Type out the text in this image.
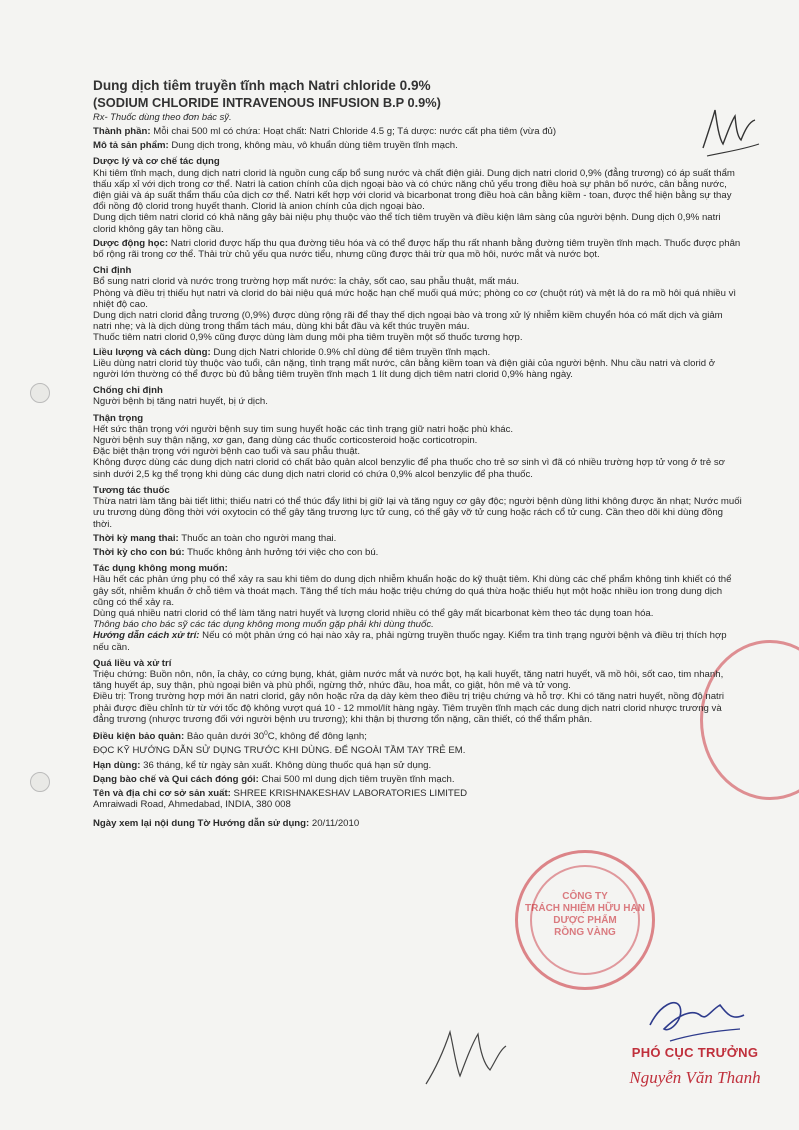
Dung dịch tiêm truyền tĩnh mạch Natri chloride 0.9%
(SODIUM CHLORIDE INTRAVENOUS INFUSION B.P 0.9%)
Rx- Thuốc dùng theo đơn bác sỹ.
Thành phần: Mỗi chai 500 ml có chứa: Hoạt chất: Natri Chloride 4.5 g; Tá dược: nước cất pha tiêm (vừa đủ)
Mô tả sản phẩm: Dung dịch trong, không màu, vô khuẩn dùng tiêm truyền tĩnh mạch.
Dược lý và cơ chế tác dụng

Khi tiêm tĩnh mạch, dung dịch natri clorid là nguồn cung cấp bổ sung nước và chất điện giải. Dung dịch natri clorid 0,9% (đẳng trương) có áp suất thẩm thấu xấp xỉ với dịch trong cơ thể. Natri là cation chính của dịch ngoại bào và có chức năng chủ yếu trong điều hoà sự phân bố nước, cân bằng nước, điện giải và áp suất thẩm thấu của dịch cơ thể. Natri kết hợp với clorid và bicarbonat trong điều hoà cân bằng kiềm - toan, được thể hiện bằng sự thay đổi nồng độ clorid trong huyết thanh. Clorid là anion chính của dịch ngoại bào.

Dung dịch tiêm natri clorid có khả năng gây bài niệu phụ thuộc vào thể tích tiêm truyền và điều kiện lâm sàng của người bệnh. Dung dịch 0,9% natri clorid không gây tan hồng cầu.

Dược động học: Natri clorid được hấp thu qua đường tiêu hóa và có thể được hấp thu rất nhanh bằng đường tiêm truyền tĩnh mạch. Thuốc được phân bố rộng rãi trong cơ thể. Thải trừ chủ yếu qua nước tiểu, nhưng cũng được thải trừ qua mồ hôi, nước mắt và nước bọt.
Chỉ định

Bổ sung natri clorid và nước trong trường hợp mất nước: ỉa chảy, sốt cao, sau phẫu thuật, mất máu.

Phòng và điều trị thiếu hụt natri và clorid do bài niệu quá mức hoặc hạn chế muối quá mức; phòng co cơ (chuột rút) và mệt lả do ra mồ hôi quá nhiều vì nhiệt độ cao.

Dung dịch natri clorid đẳng trương (0,9%) được dùng rộng rãi để thay thế dịch ngoại bào và trong xử lý nhiễm kiềm chuyển hóa có mất dịch và giảm natri nhẹ; và là dịch dùng trong thẩm tách máu, dùng khi bắt đầu và kết thúc truyền máu.

Thuốc tiêm natri clorid 0,9% cũng được dùng làm dung môi pha tiêm truyền một số thuốc tương hợp.

Liều lượng và cách dùng: Dung dịch Natri chloride 0.9% chỉ dùng để tiêm truyền tĩnh mạch.

Liều dùng natri clorid tùy thuộc vào tuổi, cân nặng, tình trạng mất nước, cân bằng kiềm toan và điện giải của người bệnh. Nhu cầu natri và clorid ở người lớn thường có thể được bù đủ bằng tiêm truyền tĩnh mạch 1 lít dung dịch tiêm natri clorid 0,9% hàng ngày.

Chống chỉ định

Người bệnh bị tăng natri huyết, bị ứ dịch.

Thận trọng

Hết sức thận trọng với người bệnh suy tim sung huyết hoặc các tình trạng giữ natri hoặc phù khác.

Người bệnh suy thận nặng, xơ gan, đang dùng các thuốc corticosteroid hoặc corticotropin.

Đặc biệt thận trọng với người bệnh cao tuổi và sau phẫu thuật.

Không được dùng các dung dịch natri clorid có chất bảo quản alcol benzylic để pha thuốc cho trẻ sơ sinh vì đã có nhiều trường hợp tử vong ở trẻ sơ sinh dưới 2,5 kg thể trọng khi dùng các dung dịch natri clorid có chứa 0,9% alcol benzylic để pha thuốc.

Tương tác thuốc

Thừa natri làm tăng bài tiết lithi; thiếu natri có thể thúc đẩy lithi bị giữ lại và tăng nguy cơ gây độc; người bệnh dùng lithi không được ăn nhạt; Nước muối ưu trương dùng đồng thời với oxytocin có thể gây tăng trương lực tử cung, có thể gây vỡ tử cung hoặc rách cổ tử cung. Cần theo dõi khi dùng đồng thời.

Thời kỳ mang thai: Thuốc an toàn cho người mang thai.
Thời kỳ cho con bú: Thuốc không ảnh hưởng tới việc cho con bú.
Tác dụng không mong muốn:

Hầu hết các phản ứng phụ có thể xảy ra sau khi tiêm do dung dịch nhiễm khuẩn hoặc do kỹ thuật tiêm. Khi dùng các chế phẩm không tinh khiết có thể gây sốt, nhiễm khuẩn ở chỗ tiêm và thoát mạch. Tăng thể tích máu hoặc triệu chứng do quá thừa hoặc thiếu hụt một hoặc nhiều ion trong dung dịch cũng có thể xảy ra.

Dùng quá nhiều natri clorid có thể làm tăng natri huyết và lượng clorid nhiều có thể gây mất bicarbonat kèm theo tác dụng toan hóa.

Thông báo cho bác sỹ các tác dụng không mong muốn gặp phải khi dùng thuốc.

Hướng dẫn cách xử trí: Nếu có một phản ứng có hại nào xảy ra, phải ngừng truyền thuốc ngay. Kiểm tra tình trạng người bệnh và điều trị thích hợp nếu cần.

Quá liều và xử trí

Triệu chứng: Buồn nôn, nôn, ỉa chảy, co cứng bụng, khát, giảm nước mắt và nước bọt, hạ kali huyết, tăng natri huyết, vã mồ hôi, sốt cao, tim nhanh, tăng huyết áp, suy thận, phù ngoại biên và phù phổi, ngừng thở, nhức đầu, hoa mắt, co giật, hôn mê và tử vong.

Điều trị: Trong trường hợp mới ăn natri clorid, gây nôn hoặc rửa dạ dày kèm theo điều trị triệu chứng và hỗ trợ. Khi có tăng natri huyết, nồng độ natri phải được điều chỉnh từ từ với tốc độ không vượt quá 10 - 12 mmol/lít hàng ngày. Tiêm truyền tĩnh mạch các dung dịch natri clorid nhược trương và đẳng trương (nhược trương đối với người bệnh ưu trương); khi thận bị thương tổn nặng, cần thiết, có thể thẩm phân.

Điều kiện bảo quản: Bảo quản dưới $30^0C$, không để đông lạnh;
ĐỌC KỸ HƯỚNG DẪN SỬ DỤNG TRƯỚC KHI DÙNG. ĐỂ NGOÀI TẦM TAY TRẺ EM.
Hạn dùng: 36 tháng, kể từ ngày sản xuất. Không dùng thuốc quá hạn sử dụng.
Dạng bào chế và Qui cách đóng gói: Chai 500 ml dung dịch tiêm truyền tĩnh mạch.
Tên và địa chỉ cơ sở sản xuất: SHREE KRISHNAKESHAV LABORATORIES LIMITED
Amraiwadi Road, Ahmedabad, INDIA, 380 008
Ngày xem lại nội dung Tờ Hướng dẫn sử dụng: 20/11/2010
CÔNG TY
TRÁCH NHIỆM HỮU HẠN
DƯỢC PHẨM
RỒNG VÀNG
PHÓ CỤC TRƯỞNG
Nguyễn Văn Thanh
